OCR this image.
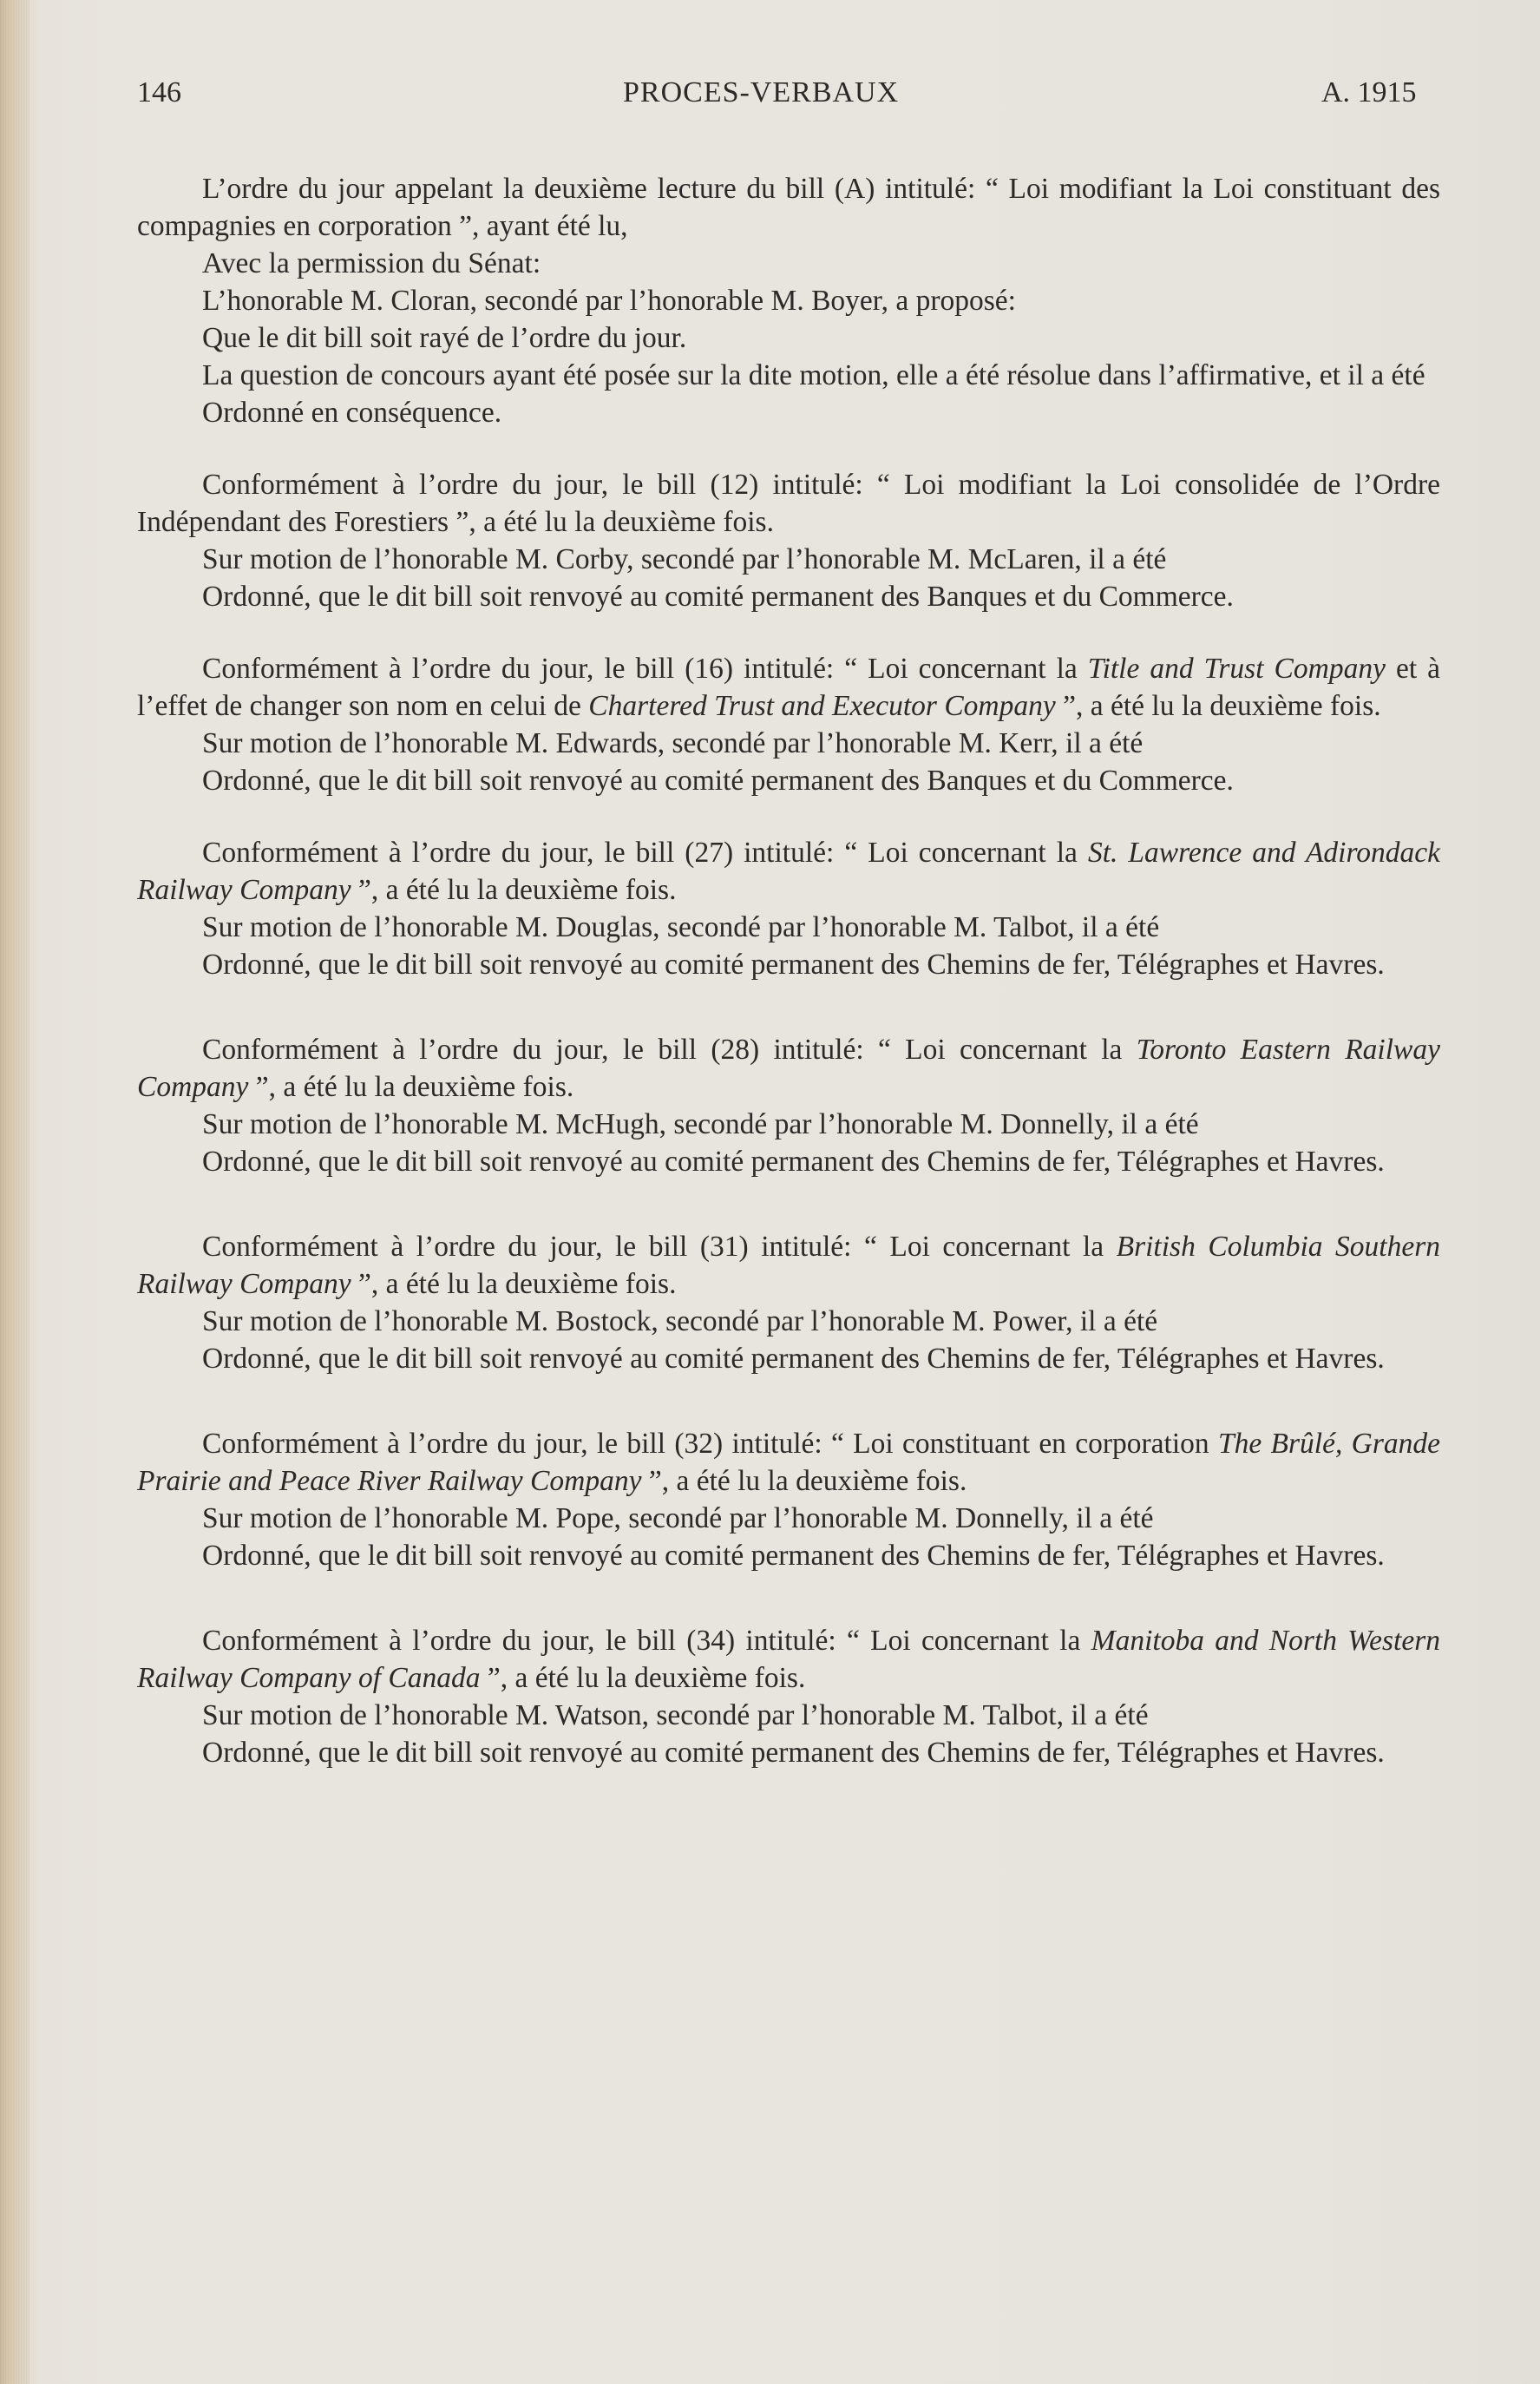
146	PROCES-VERBAUX	A. 1915

L’ordre du jour appelant la deuxième lecture du bill (A) intitulé: “ Loi modifiant la Loi constituant des compagnies en corporation ”, ayant été lu,

Avec la permission du Sénat:

L’honorable M. Cloran, secondé par l’honorable M. Boyer, a proposé:

Que le dit bill soit rayé de l’ordre du jour.

La question de concours ayant été posée sur la dite motion, elle a été résolue dans l’affirmative, et il a été

Ordonné en conséquence.

Conformément à l’ordre du jour, le bill (12) intitulé: “ Loi modifiant la Loi consolidée de l’Ordre Indépendant des Forestiers ”, a été lu la deuxième fois.

Sur motion de l’honorable M. Corby, secondé par l’honorable M. McLaren, il a été

Ordonné, que le dit bill soit renvoyé au comité permanent des Banques et du Commerce.

Conformément à l’ordre du jour, le bill (16) intitulé: “ Loi concernant la Title and Trust Company et à l’effet de changer son nom en celui de Chartered Trust and Executor Company ”, a été lu la deuxième fois.

Sur motion de l’honorable M. Edwards, secondé par l’honorable M. Kerr, il a été

Ordonné, que le dit bill soit renvoyé au comité permanent des Banques et du Commerce.

Conformément à l’ordre du jour, le bill (27) intitulé: “ Loi concernant la St. Lawrence and Adirondack Railway Company ”, a été lu la deuxième fois.

Sur motion de l’honorable M. Douglas, secondé par l’honorable M. Talbot, il a été

Ordonné, que le dit bill soit renvoyé au comité permanent des Chemins de fer, Télégraphes et Havres.

Conformément à l’ordre du jour, le bill (28) intitulé: “ Loi concernant la Toronto Eastern Railway Company ”, a été lu la deuxième fois.

Sur motion de l’honorable M. McHugh, secondé par l’honorable M. Donnelly, il a été

Ordonné, que le dit bill soit renvoyé au comité permanent des Chemins de fer, Télégraphes et Havres.

Conformément à l’ordre du jour, le bill (31) intitulé: “ Loi concernant la British Columbia Southern Railway Company ”, a été lu la deuxième fois.

Sur motion de l’honorable M. Bostock, secondé par l’honorable M. Power, il a été

Ordonné, que le dit bill soit renvoyé au comité permanent des Chemins de fer, Télégraphes et Havres.

Conformément à l’ordre du jour, le bill (32) intitulé: “ Loi constituant en corporation The Brûlé, Grande Prairie and Peace River Railway Company ”, a été lu la deuxième fois.

Sur motion de l’honorable M. Pope, secondé par l’honorable M. Donnelly, il a été

Ordonné, que le dit bill soit renvoyé au comité permanent des Chemins de fer, Télégraphes et Havres.

Conformément à l’ordre du jour, le bill (34) intitulé: “ Loi concernant la Manitoba and North Western Railway Company of Canada ”, a été lu la deuxième fois.

Sur motion de l’honorable M. Watson, secondé par l’honorable M. Talbot, il a été

Ordonné, que le dit bill soit renvoyé au comité permanent des Chemins de fer, Télégraphes et Havres.
